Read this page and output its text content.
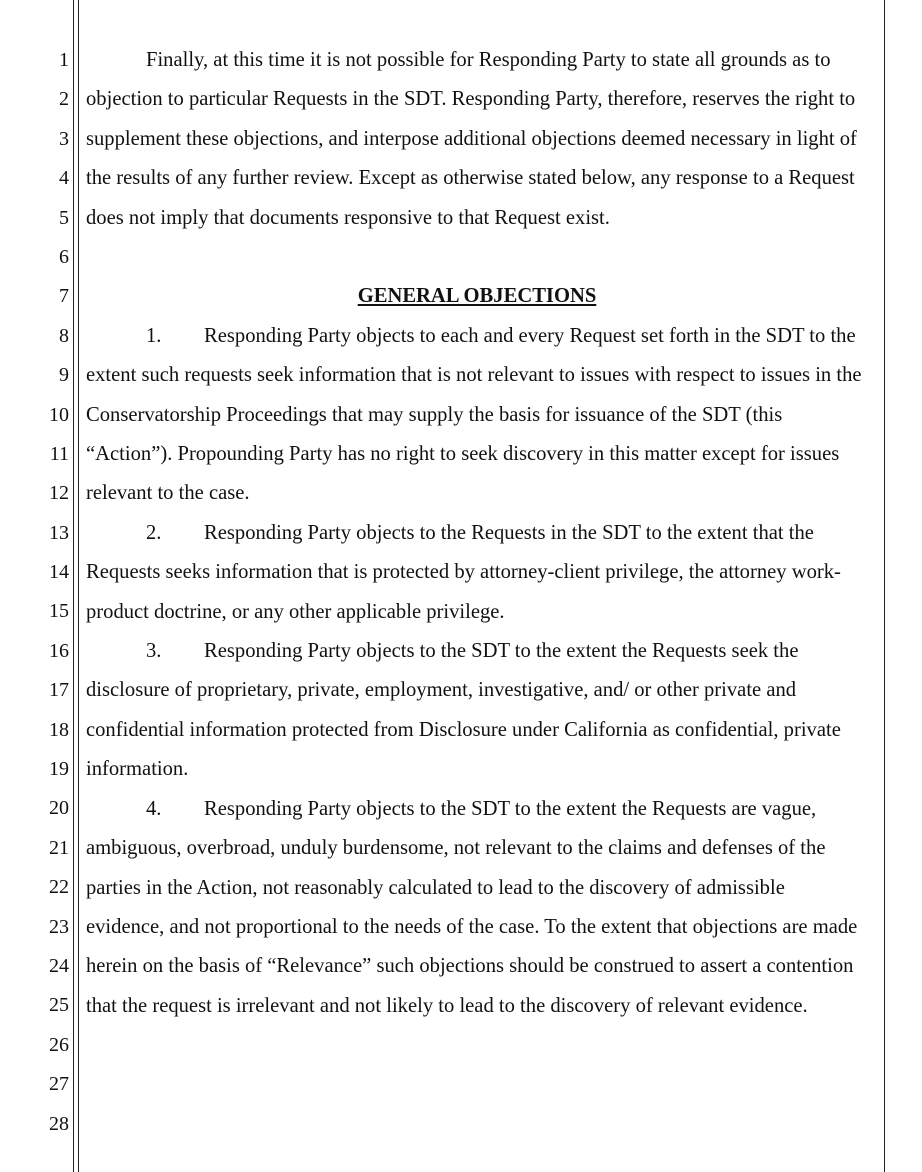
1
2
3
4
5
6
7
8
9
10
11
12
13
14
15
16
17
18
19
20
21
22
23
24
25
26
27
28

Finally, at this time it is not possible for Responding Party to state all grounds as to objection to particular Requests in the SDT. Responding Party, therefore, reserves the right to supplement these objections, and interpose additional objections deemed necessary in light of the results of any further review. Except as otherwise stated below, any response to a Request does not imply that documents responsive to that Request exist.

GENERAL OBJECTIONS

1. Responding Party objects to each and every Request set forth in the SDT to the extent such requests seek information that is not relevant to issues with respect to issues in the Conservatorship Proceedings that may supply the basis for issuance of the SDT (this “Action”). Propounding Party has no right to seek discovery in this matter except for issues relevant to the case.

2. Responding Party objects to the Requests in the SDT to the extent that the Requests seeks information that is protected by attorney-client privilege, the attorney work-product doctrine, or any other applicable privilege.

3. Responding Party objects to the SDT to the extent the Requests seek the disclosure of proprietary, private, employment, investigative, and/ or other private and confidential information protected from Disclosure under California as confidential, private information.

4. Responding Party objects to the SDT to the extent the Requests are vague, ambiguous, overbroad, unduly burdensome, not relevant to the claims and defenses of the parties in the Action, not reasonably calculated to lead to the discovery of admissible evidence, and not proportional to the needs of the case. To the extent that objections are made herein on the basis of “Relevance” such objections should be construed to assert a contention that the request is irrelevant and not likely to lead to the discovery of relevant evidence.
